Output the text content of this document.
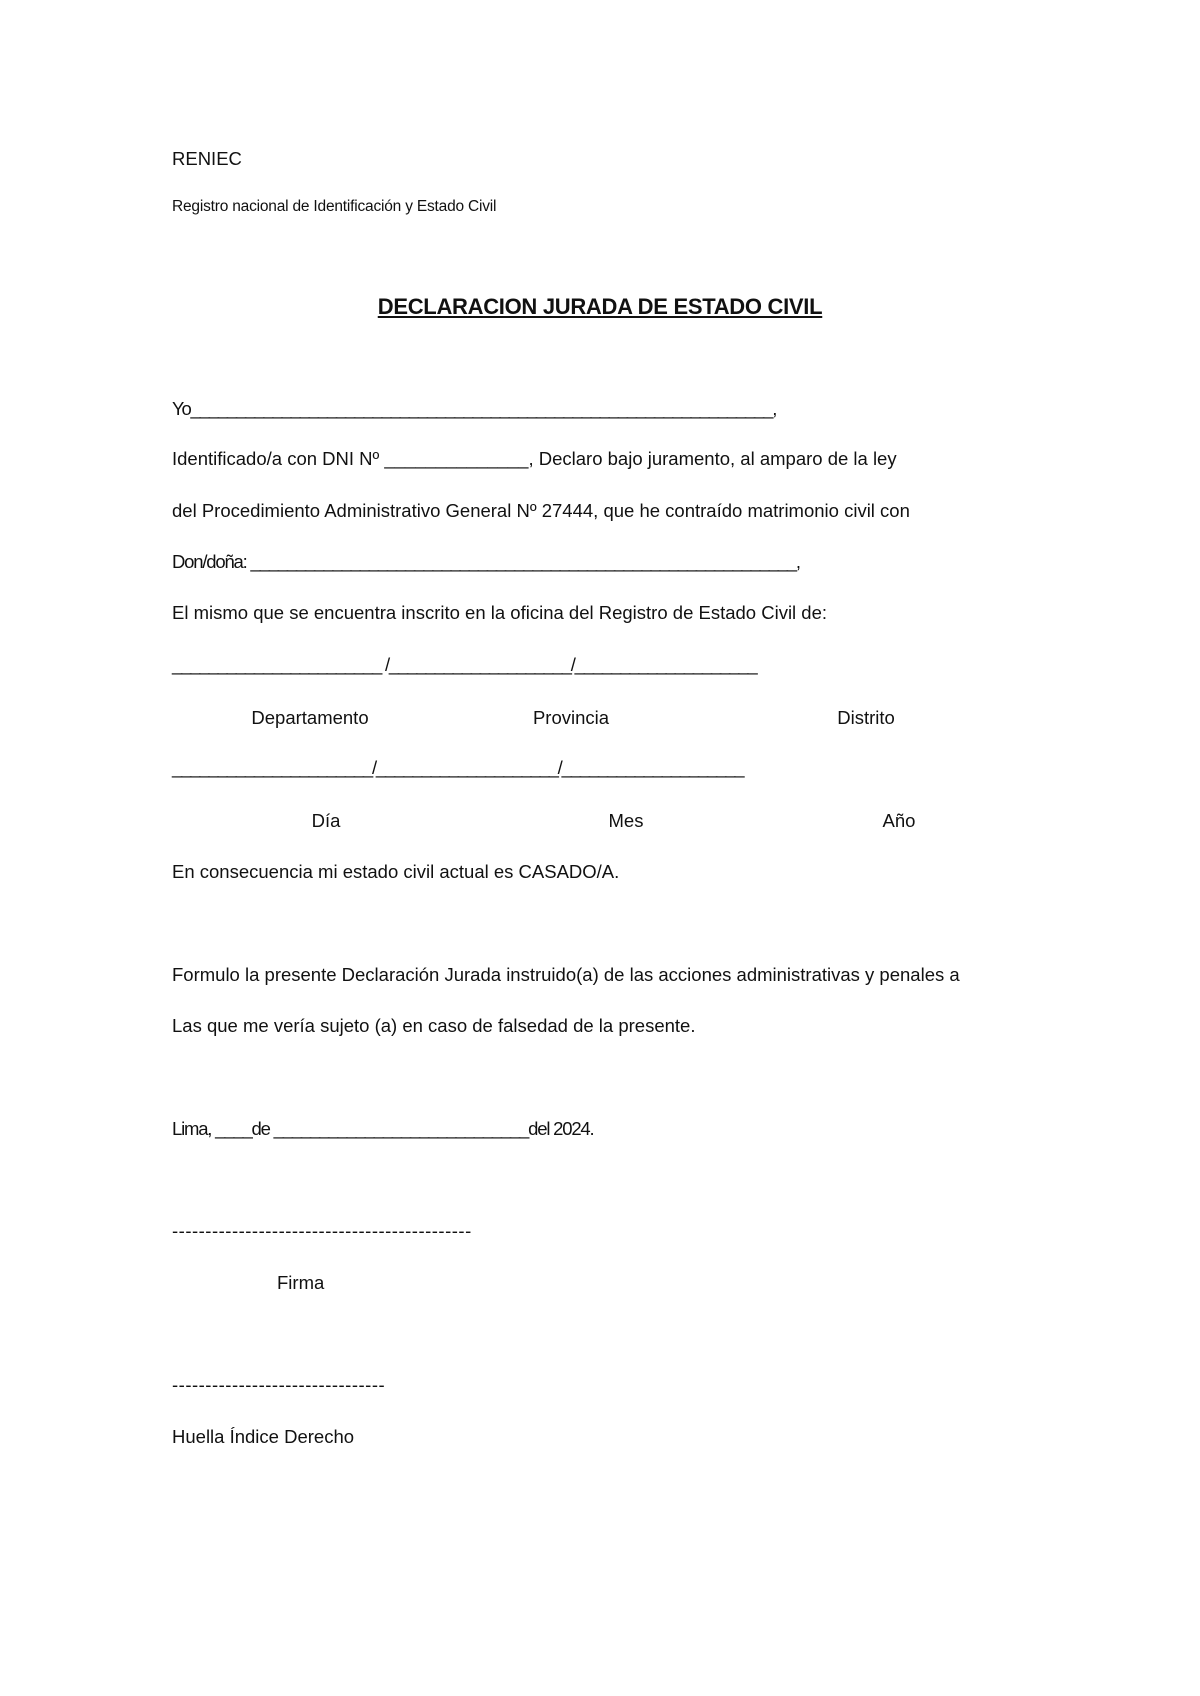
RENIEC
Registro nacional de Identificación y Estado Civil
DECLARACION JURADA DE ESTADO CIVIL
Yo________________________________________________________________,
Identificado/a con DNI Nº ______________, Declaro bajo juramento, al amparo de la ley
del Procedimiento Administrativo General Nº 27444, que he contraído matrimonio civil con
Don/doña: ____________________________________________________________,
El mismo que se encuentra inscrito en la oficina del Registro de Estado Civil de:
_______________________ /____________________/____________________
Departamento	Provincia	Distrito
______________________/____________________/____________________
Día	Mes	Año
En consecuencia mi estado civil actual es CASADO/A.
Formulo la presente Declaración Jurada instruido(a) de las acciones administrativas y penales a
Las que me vería sujeto (a) en caso de falsedad de la presente.
Lima, ____de ____________________________del 2024.
---------------------------------------------
Firma
--------------------------------
Huella Índice Derecho
